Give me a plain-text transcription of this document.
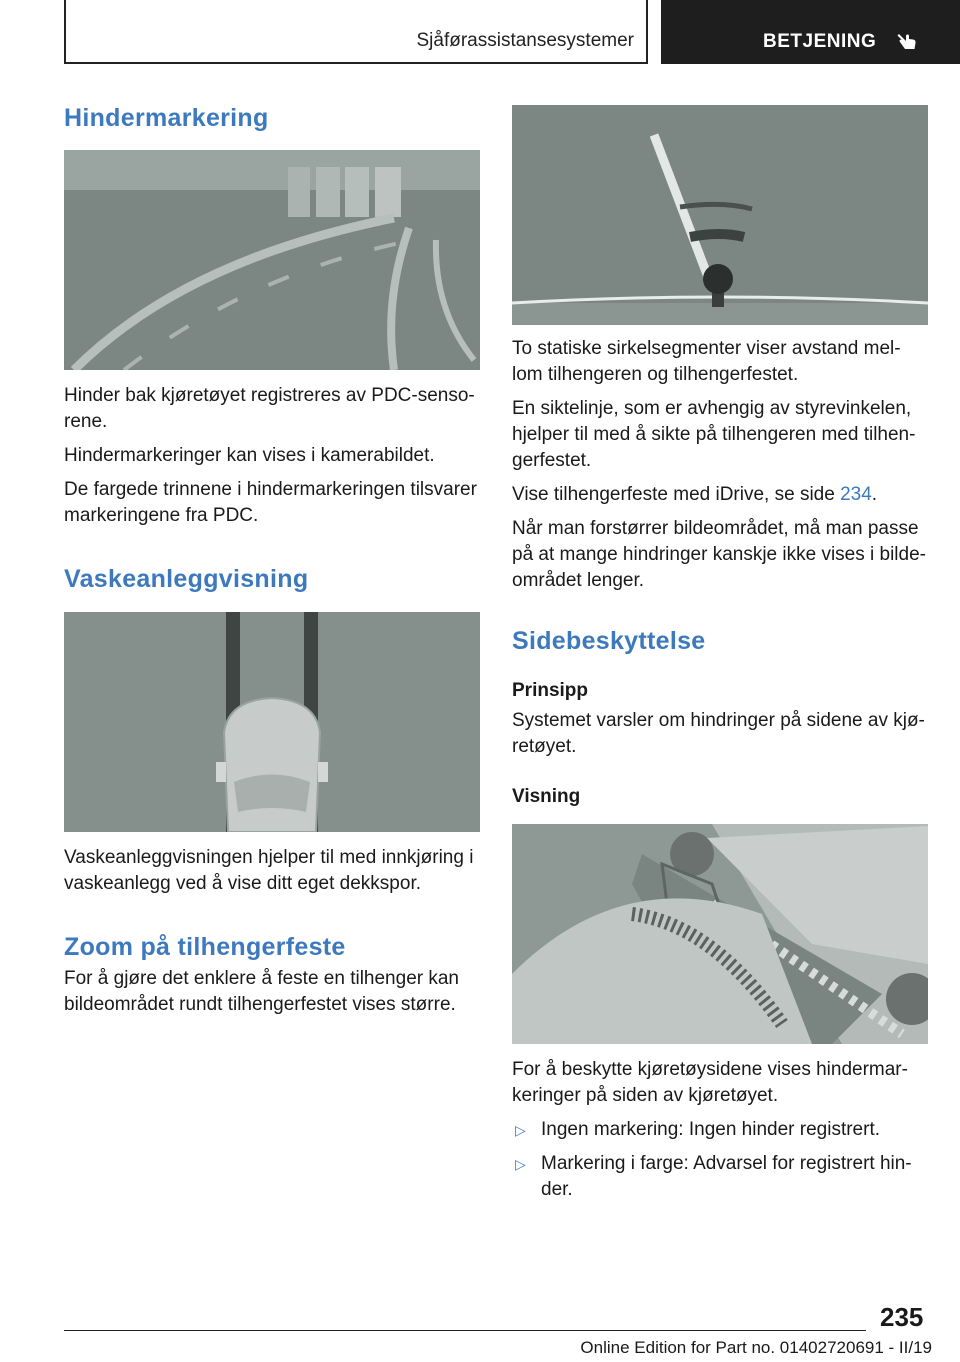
Sjåførassistansesystemer	BETJENING
Hindermarkering

Hinder bak kjøretøyet registreres av PDC-senso-rene.

Hindermarkeringer kan vises i kamerabildet.

De fargede trinnene i hindermarkeringen tilsvarer markeringene fra PDC.

Vaskeanleggvisning

Vaskeanleggvisningen hjelper til med innkjøring i vaskeanlegg ved å vise ditt eget dekkspor.

Zoom på tilhengerfeste

For å gjøre det enklere å feste en tilhenger kan bildeområdet rundt tilhengerfestet vises større.

To statiske sirkelsegmenter viser avstand mel-lom tilhengeren og tilhengerfestet.

En siktelinje, som er avhengig av styrevinkelen, hjelper til med å sikte på tilhengeren med tilhen-gerfestet.

Vise tilhengerfeste med iDrive, se side 234.

Når man forstørrer bildeområdet, må man passe på at mange hindringer kanskje ikke vises i bilde-området lenger.

Sidebeskyttelse
Prinsipp

Systemet varsler om hindringer på sidene av kjø-retøyet.

Visning

For å beskytte kjøretøysidene vises hindermar-keringer på siden av kjøretøyet.

▷ Ingen markering: Ingen hinder registrert.
▷ Markering i farge: Advarsel for registrert hin-der.
235
Online Edition for Part no. 01402720691 - II/19
